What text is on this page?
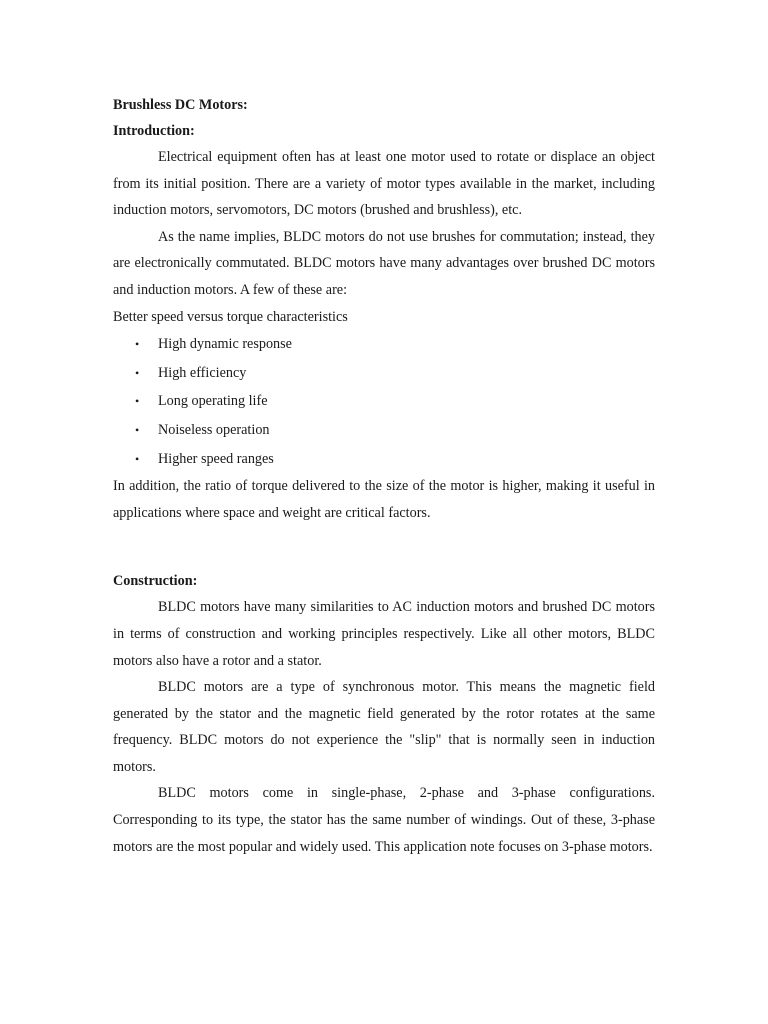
Brushless DC Motors:

Introduction:

Electrical equipment often has at least one motor used to rotate or displace an object from its initial position. There are a variety of motor types available in the market, including induction motors, servomotors, DC motors (brushed and brushless), etc.

As the name implies, BLDC motors do not use brushes for commutation; instead, they are electronically commutated. BLDC motors have many advantages over brushed DC motors and induction motors. A few of these are:

Better speed versus torque characteristics

• High dynamic response
• High efficiency
• Long operating life
• Noiseless operation
• Higher speed ranges

In addition, the ratio of torque delivered to the size of the motor is higher, making it useful in applications where space and weight are critical factors.

Construction:

BLDC motors have many similarities to AC induction motors and brushed DC motors in terms of construction and working principles respectively. Like all other motors, BLDC motors also have a rotor and a stator.

BLDC motors are a type of synchronous motor. This means the magnetic field generated by the stator and the magnetic field generated by the rotor rotates at the same frequency. BLDC motors do not experience the "slip" that is normally seen in induction motors.

BLDC motors come in single-phase, 2-phase and 3-phase configurations. Corresponding to its type, the stator has the same number of windings. Out of these, 3-phase motors are the most popular and widely used. This application note focuses on 3-phase motors.
